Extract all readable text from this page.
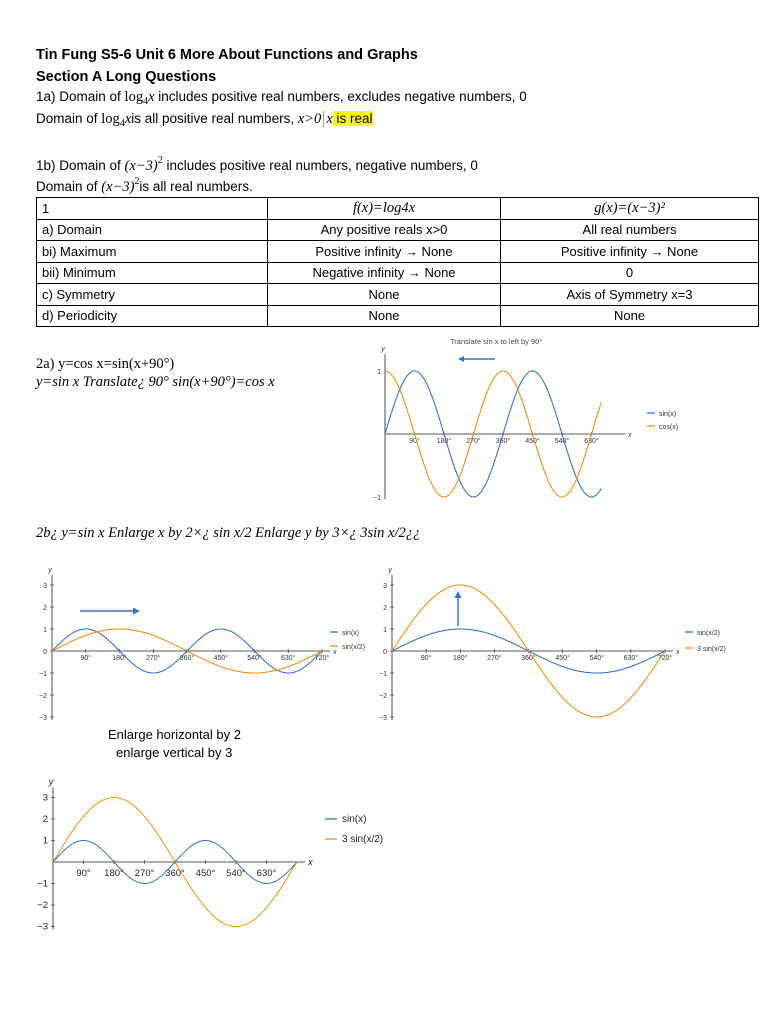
Tin Fung S5-6 Unit 6 More About Functions and Graphs
Section A Long Questions
1a) Domain of $\log_4x$ includes positive real numbers, excludes negative numbers, 0
Domain of $\log_4xis$ all positive real numbers, x>0 x is real
1b) Domain of $(x-3)^2$ includes positive real numbers, negative numbers, 0
Domain of $(x-3)^2is$ all real numbers.
1	f(x)=log4x	g(x)=(x−3)²
a) Domain	Any positive reals x>0	All real numbers
bi) Maximum	Positive infinity → None	Positive infinity → None
bii) Minimum	Negative infinity → None	0
c) Symmetry	None	Axis of Symmetry x=3
d) Periodicity	None	None
2a) y=cos x=sin(x+90°)
y=sin x Translate¿ 90° sin(x+90°)=cos x
2b¿ y=sin x Enlarge x by 2×¿ sin x/2 Enlarge y by 3×¿ 3sin x/2¿¿
Translate sin x to left by 90°
y
x
90° 180° 270° 360° 450° 540° 630°
1
−1
sin(x)
cos(x)
y
x
90°	180°	270°	360°	450°	540°	630°	720°
3
2
1
0
−1
−2
−3
sin(x)
sin(x/2)
y
x
90°	180°	270°	360°	450°	540°	630°	720°
3
2
1
0
−1
−2
−3
sin(x/2)
3 sin(x/2)
Enlarge horizontal by 2
enlarge vertical by 3
y
x
90° 180° 270° 360° 450° 540° 630°
3
2
1
−1
−2
−3
sin(x)
3 sin(x/2)
